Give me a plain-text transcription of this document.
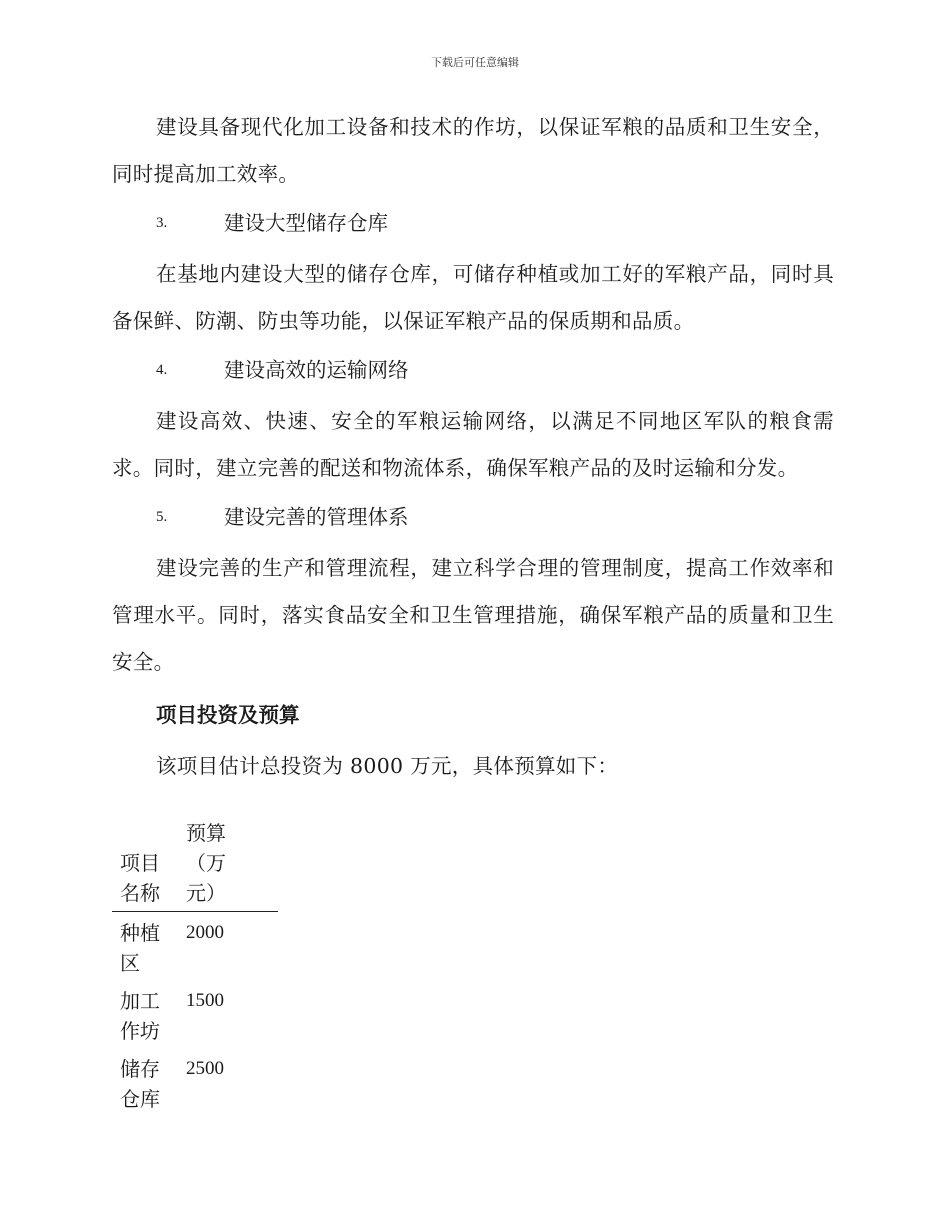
下载后可任意编辑

建设具备现代化加工设备和技术的作坊，以保证军粮的品质和卫生安全，同时提高加工效率。

3.	建设大型储存仓库

在基地内建设大型的储存仓库，可储存种植或加工好的军粮产品，同时具备保鲜、防潮、防虫等功能，以保证军粮产品的保质期和品质。

4.	建设高效的运输网络

建设高效、快速、安全的军粮运输网络，以满足不同地区军队的粮食需求。同时，建立完善的配送和物流体系，确保军粮产品的及时运输和分发。

5.	建设完善的管理体系

建设完善的生产和管理流程，建立科学合理的管理制度，提高工作效率和管理水平。同时，落实食品安全和卫生管理措施，确保军粮产品的质量和卫生安全。

项目投资及预算

该项目估计总投资为 8000 万元，具体预算如下：

项目名称	预算（万元）

种植区	2000

加工作坊	1500

储存仓库	2500
